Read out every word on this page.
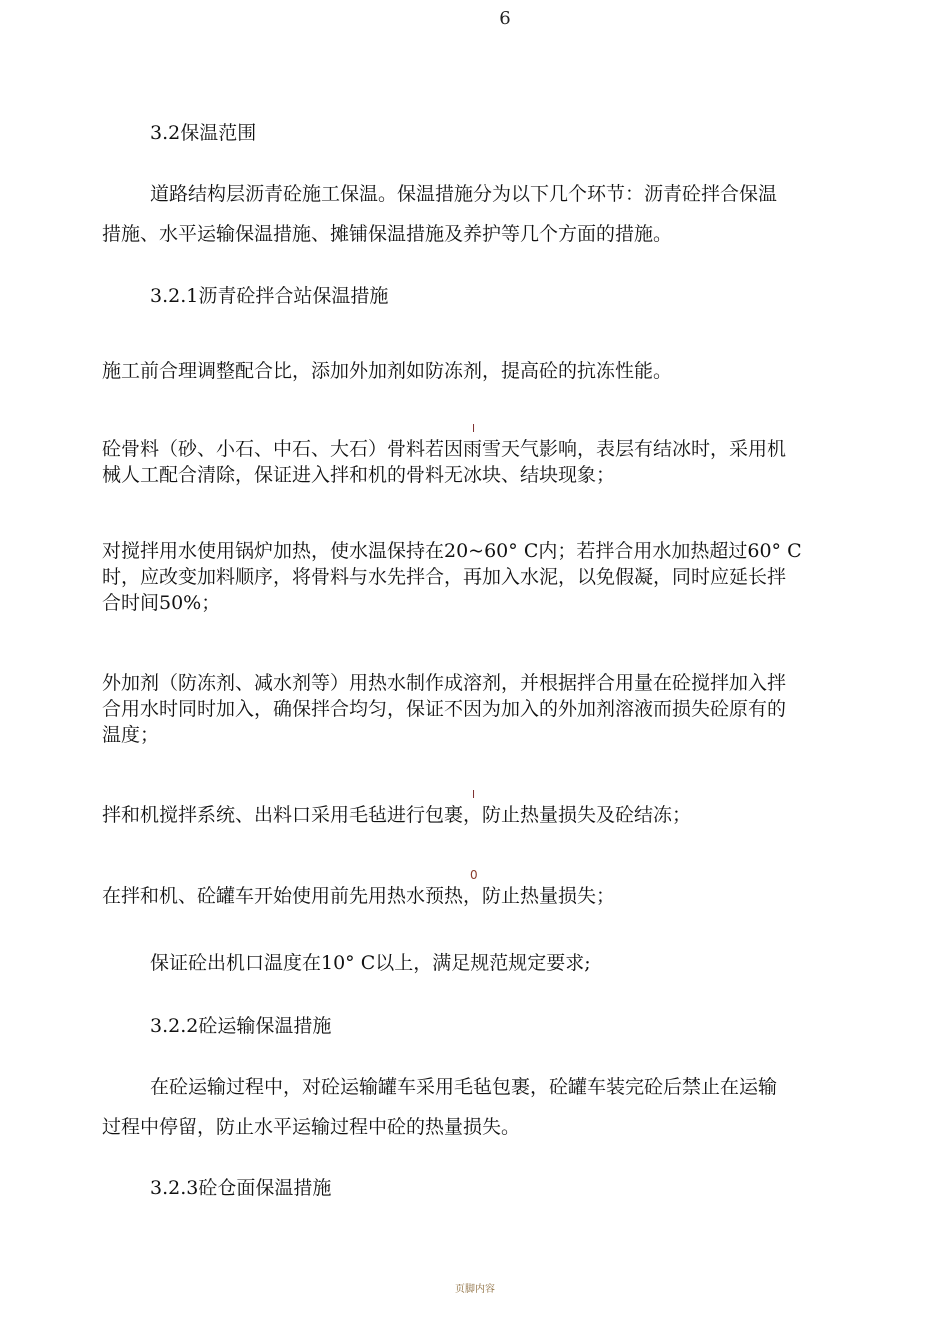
6
3.2保温范围
道路结构层沥青砼施工保温。保温措施分为以下几个环节：沥青砼拌合保温
措施、水平运输保温措施、摊铺保温措施及养护等几个方面的措施。
3.2.1沥青砼拌合站保温措施
施工前合理调整配合比，添加外加剂如防冻剂，提高砼的抗冻性能。
l
砼骨料（砂、小石、中石、大石）骨料若因雨雪天气影响，表层有结冰时，采用机
械人工配合清除，保证进入拌和机的骨料无冰块、结块现象；
对搅拌用水使用锅炉加热，使水温保持在20~60° C内；若拌合用水加热超过60° C
时，应改变加料顺序，将骨料与水先拌合，再加入水泥，以免假凝，同时应延长拌
合时间50%；
外加剂（防冻剂、减水剂等）用热水制作成溶剂，并根据拌合用量在砼搅拌加入拌
合用水时同时加入，确保拌合均匀，保证不因为加入的外加剂溶液而损失砼原有的
温度；
l
拌和机搅拌系统、出料口采用毛毡进行包裹，防止热量损失及砼结冻；
0
在拌和机、砼罐车开始使用前先用热水预热，防止热量损失；
保证砼出机口温度在10° C以上，满足规范规定要求;
3.2.2砼运输保温措施
在砼运输过程中，对砼运输罐车采用毛毡包裹，砼罐车装完砼后禁止在运输
过程中停留，防止水平运输过程中砼的热量损失。
3.2.3砼仓面保温措施
页脚内容
